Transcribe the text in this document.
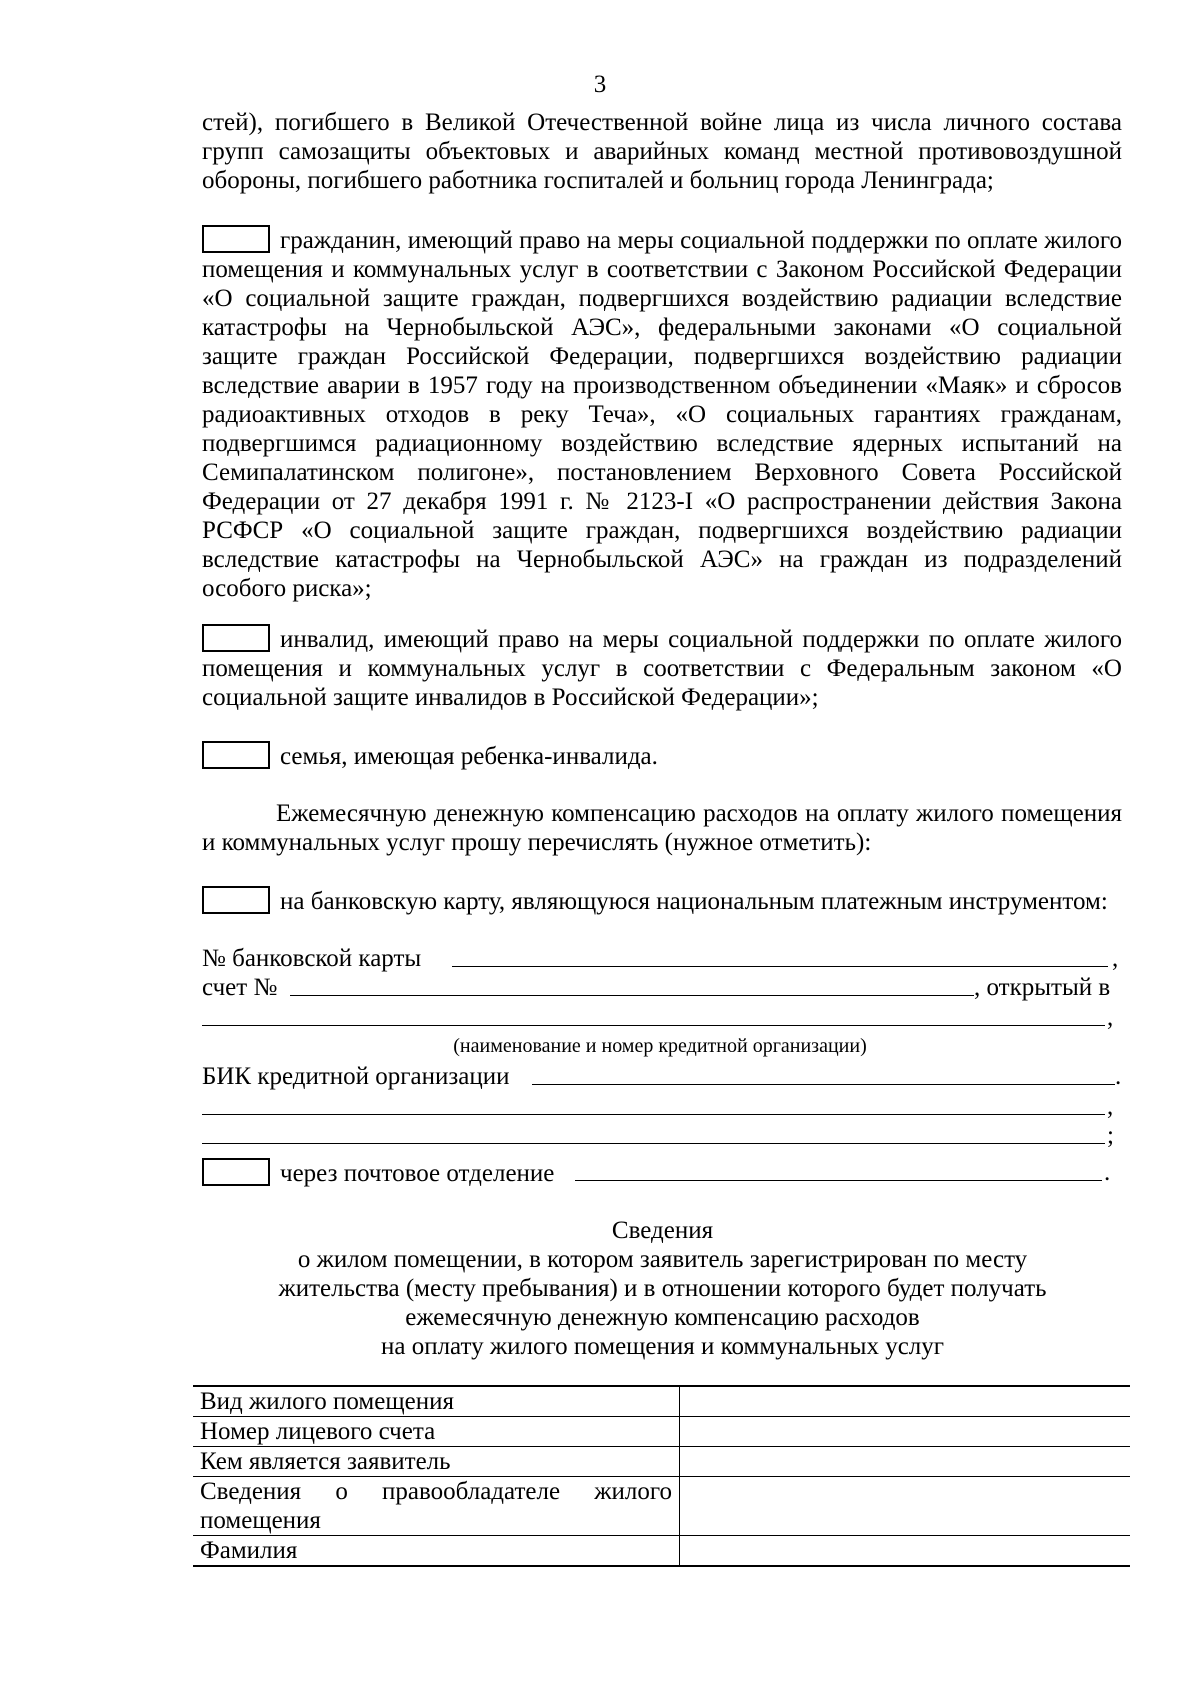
3
стей), погибшего в Великой Отечественной войне лица из числа личного состава групп самозащиты объектовых и аварийных команд местной противовоздушной обороны, погибшего работника госпиталей и больниц города Ленинграда;
гражданин, имеющий право на меры социальной поддержки по оплате жилого помещения и коммунальных услуг в соответствии с Законом Российской Федерации «О социальной защите граждан, подвергшихся воздействию радиации вследствие катастрофы на Чернобыльской АЭС», федеральными законами «О социальной защите граждан Российской Федерации, подвергшихся воздействию радиации вследствие аварии в 1957 году на производственном объединении «Маяк» и сбросов радиоактивных отходов в реку Теча», «О социальных гарантиях гражданам, подвергшимся радиационному воздействию вследствие ядерных испытаний на Семипалатинском полигоне», постановлением Верховного Совета Российской Федерации от 27 декабря 1991 г. № 2123-I «О распространении действия Закона РСФСР «О социальной защите граждан, подвергшихся воздействию радиации вследствие катастрофы на Чернобыльской АЭС» на граждан из подразделений особого риска»;
инвалид, имеющий право на меры социальной поддержки по оплате жилого помещения и коммунальных услуг в соответствии с Федеральным законом «О социальной защите инвалидов в Российской Федерации»;
семья, имеющая ребенка-инвалида.
Ежемесячную денежную компенсацию расходов на оплату жилого помещения и коммунальных услуг прошу перечислять (нужное отметить):
на банковскую карту, являющуюся национальным платежным инструментом:
№ банковской карты	,
счет №	, открытый в
,
(наименование и номер кредитной организации)
БИК кредитной организации	.
,
;
через почтовое отделение	.
Сведения
о жилом помещении, в котором заявитель зарегистрирован по месту
жительства (месту пребывания) и в отношении которого будет получать
ежемесячную денежную компенсацию расходов
на оплату жилого помещения и коммунальных услуг
Вид жилого помещения	
Номер лицевого счета	
Кем является заявитель	
Сведения о правообладателе жилого помещения	
Фамилия	
